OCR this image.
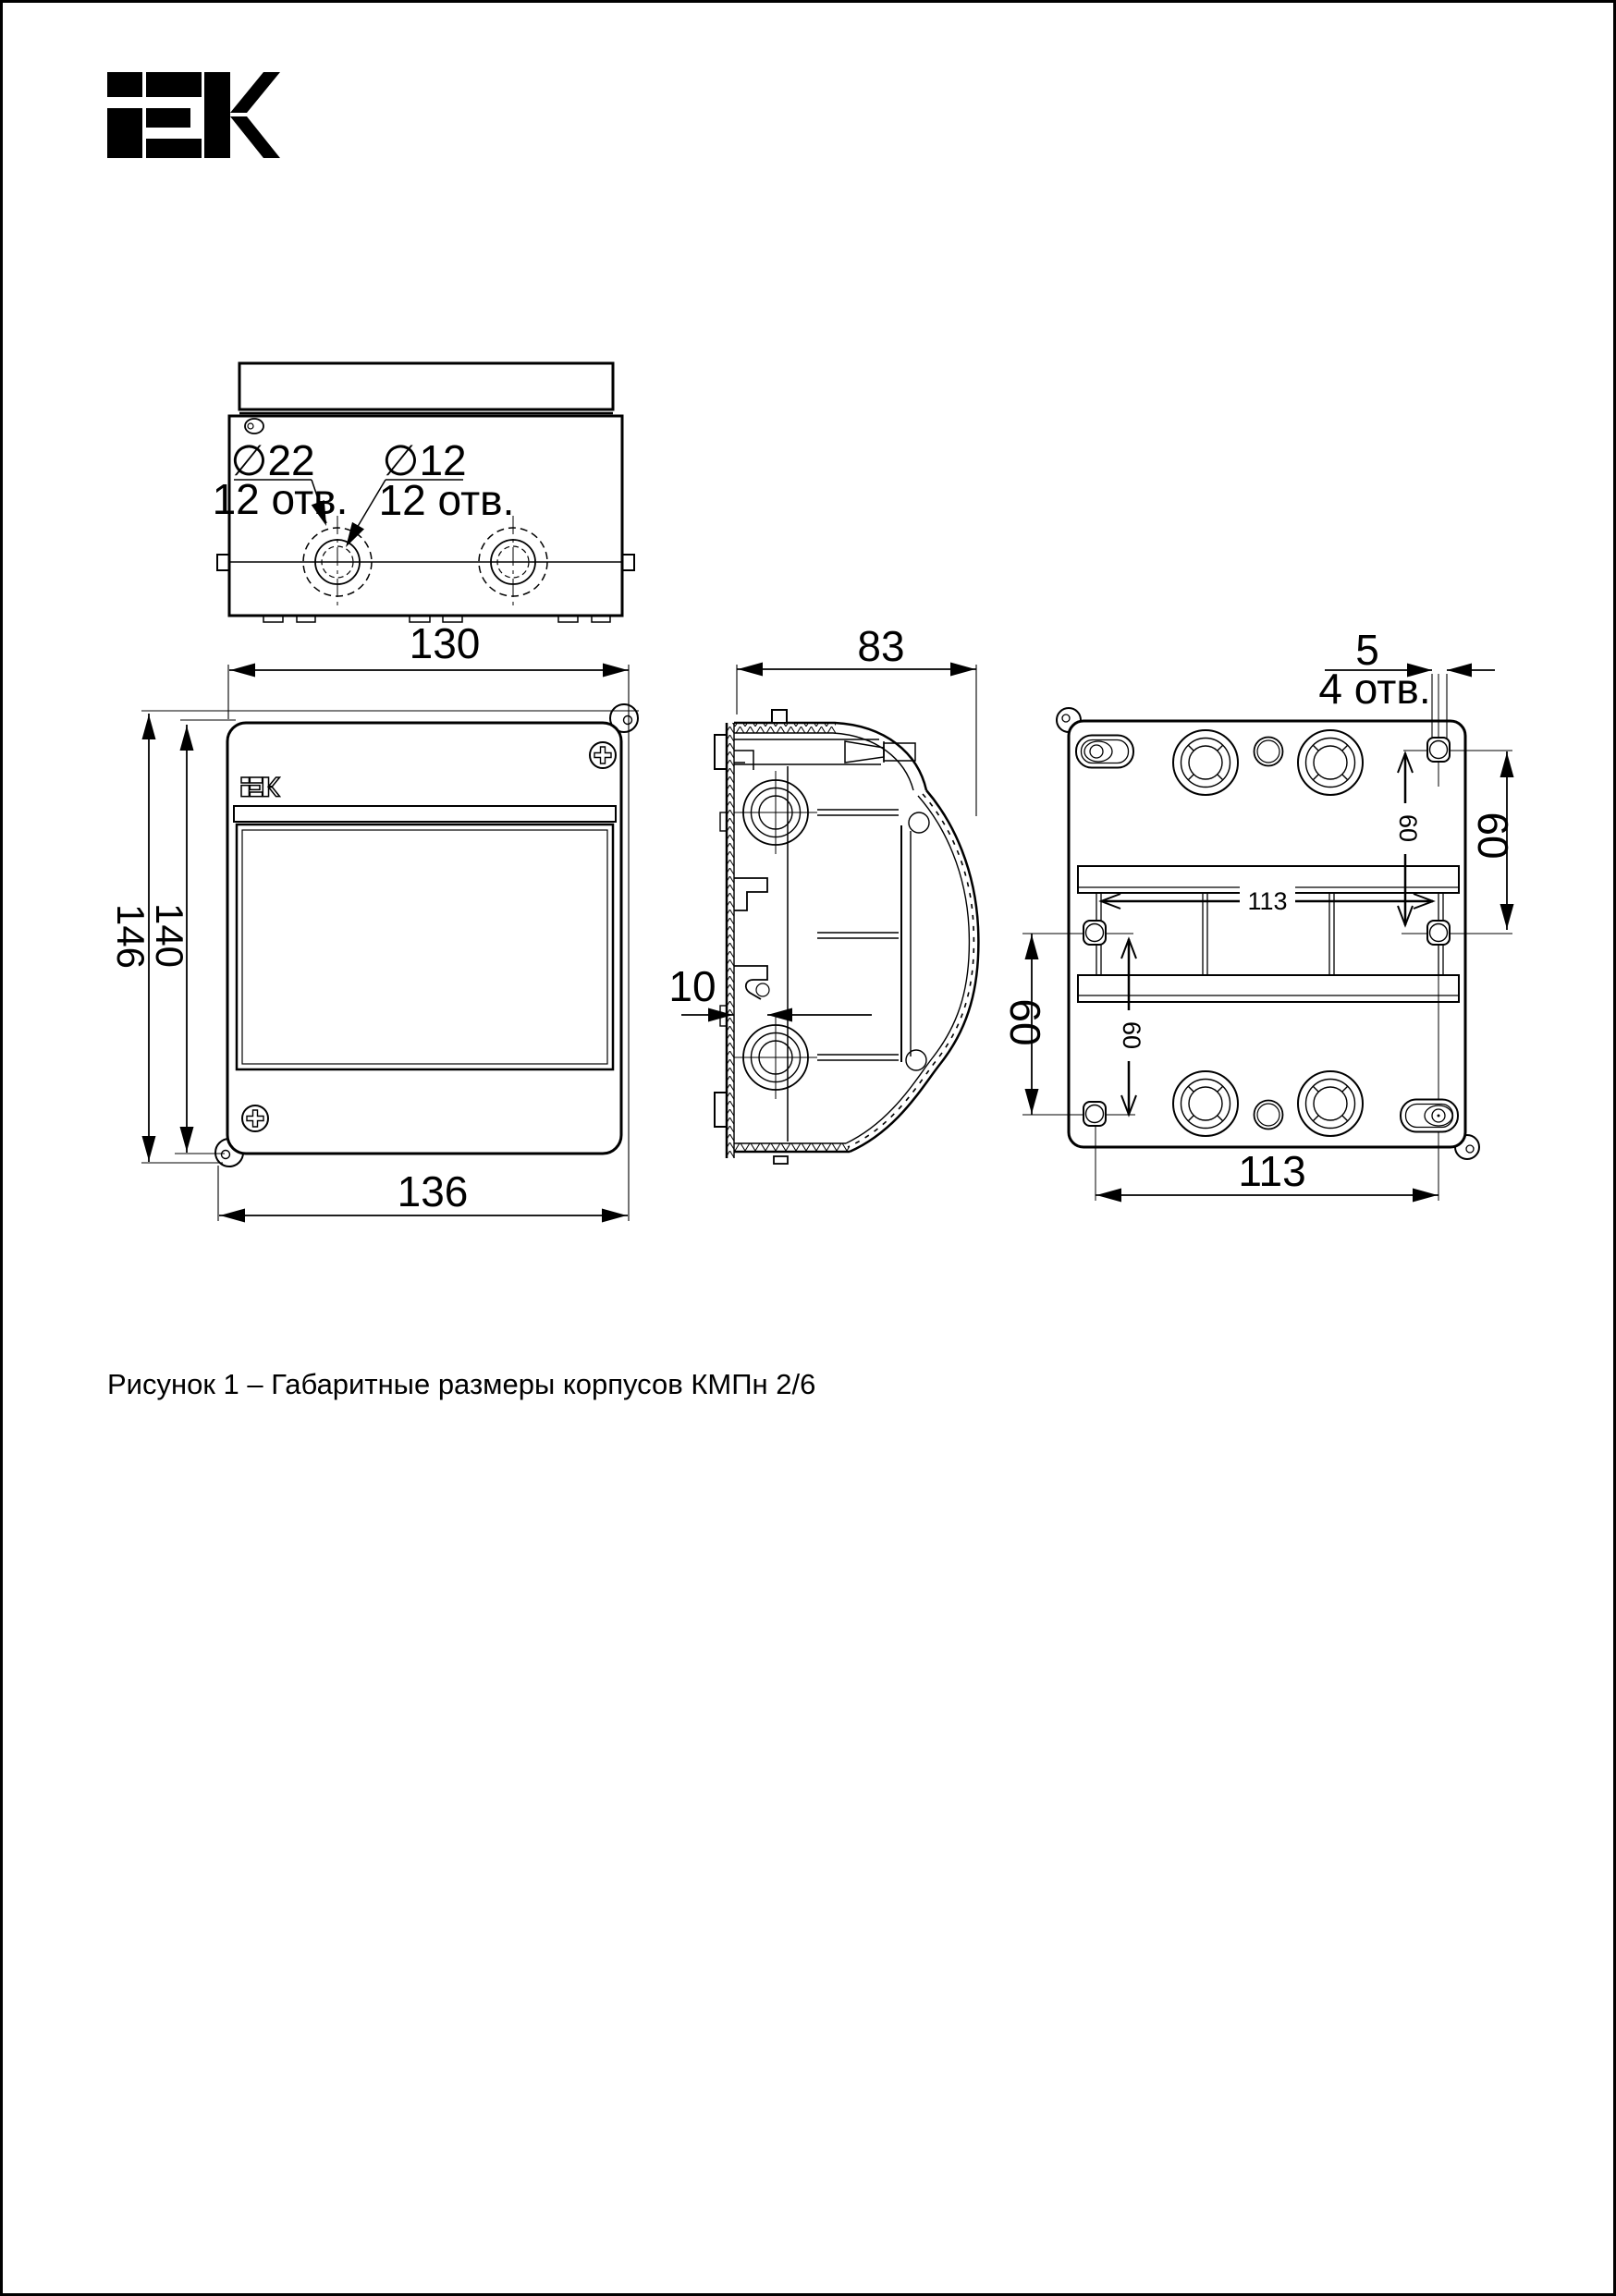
∅22
12 отв.
∅12
12 отв.
130
136
146
140
83
10
5
4 отв.
60
60
60
60
113
113
Рисунок 1 – Габаритные размеры корпусов КМПн 2/6
